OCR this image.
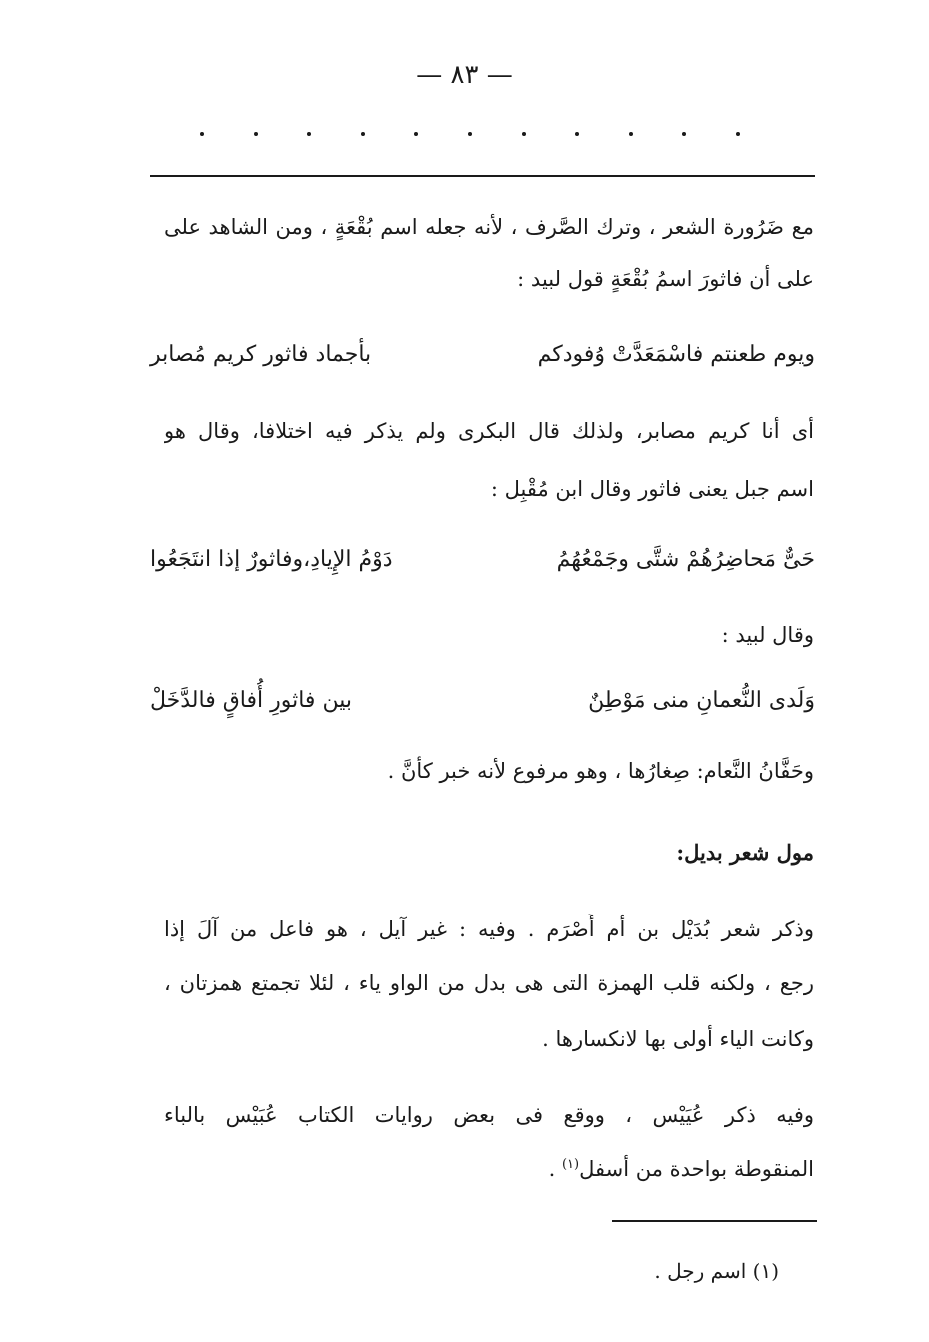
— ٨٣ —
مع ضَرُورة الشعر ، وترك الصَّرف ، لأنه جعله اسم بُقْعَةٍ ، ومن الشاهد على
على أن فاثورَ اسمُ بُقْعَةٍ قول لبيد :
ويوم طعنتم فاسْمَعَدَّتْ وُفودكم
بأجماد فاثور كريم مُصابر
أى أنا كريم مصابر، ولذلك قال البكرى ولم يذكر فيه اختلافا، وقال هو
اسم جبل يعنى فاثور وقال ابن مُقْبِل :
حَىٌّ مَحاضِرُهُمْ شتَّى وجَمْعُهُمُ
دَوْمُ الإِيادِ،وفاثورٌ إذا انتَجَعُوا
وقال لبيد :
وَلَدى النُّعمانِ منى مَوْطِنٌ
بين فاثورِ أُفاقٍ فالدَّخَلْ
وحَفَّانُ النَّعام: صِغارُها ، وهو مرفوع لأنه خبر كأنَّ .
مول شعر بديل:
وذكر شعر بُدَيْل بن أم أَصْرَم . وفيه : غير آيل ، هو فاعل من آلَ إذا
رجع ، ولكنه قلب الهمزة التى هى بدل من الواو ياء ، لئلا تجمتع همزتان ،
وكانت الياء أولى بها لانكسارها .
وفيه ذكر عُيَيْس ، ووقع فى بعض روايات الكتاب عُبَيْس بالباء
المنقوطة بواحدة من أسفل$^{(١)}$ .
(١) اسم رجل .
